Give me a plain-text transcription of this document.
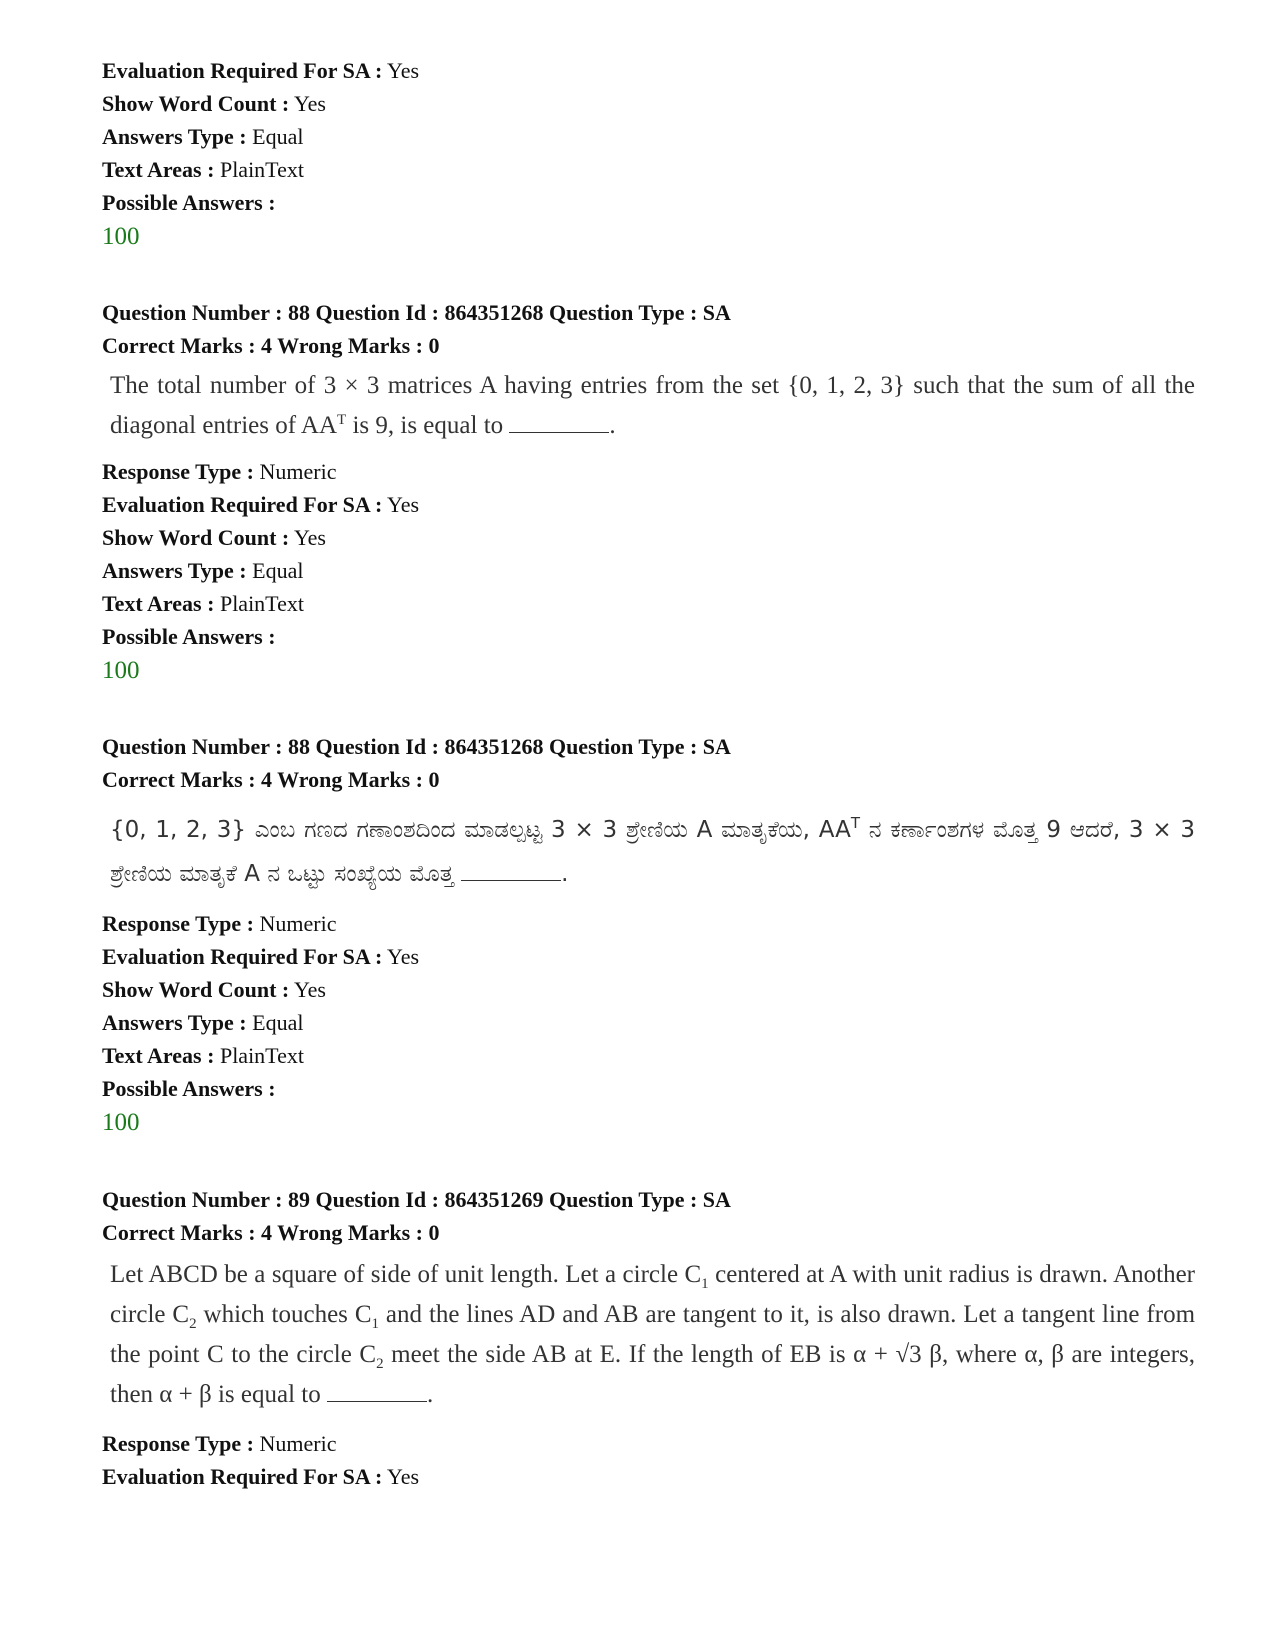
Evaluation Required For SA : Yes
Show Word Count : Yes
Answers Type : Equal
Text Areas : PlainText
Possible Answers :
100
Question Number : 88 Question Id : 864351268 Question Type : SA
Correct Marks : 4 Wrong Marks : 0
The total number of 3 × 3 matrices A having entries from the set {0, 1, 2, 3} such that the sum of all the diagonal entries of $AA^T$ is 9, is equal to	.
Response Type : Numeric
Evaluation Required For SA : Yes
Show Word Count : Yes
Answers Type : Equal
Text Areas : PlainText
Possible Answers :
100
Question Number : 88 Question Id : 864351268 Question Type : SA
Correct Marks : 4 Wrong Marks : 0
{0, 1, 2, 3} ಎಂಬ ಗಣದ ಗಣಾಂಶದಿಂದ ಮಾಡಲ್ಪಟ್ಟ 3 × 3 ಶ್ರೇಣಿಯ A ಮಾತೃಕೆಯ, $AA^T$ ನ ಕರ್ಣಾಂಶಗಳ ಮೊತ್ತ 9 ಆದರೆ, 3 × 3 ಶ್ರೇಣಿಯ ಮಾತೃಕೆ A ನ ಒಟ್ಟು ಸಂಖ್ಯೆಯ ಮೊತ್ತ	.
Response Type : Numeric
Evaluation Required For SA : Yes
Show Word Count : Yes
Answers Type : Equal
Text Areas : PlainText
Possible Answers :
100
Question Number : 89 Question Id : 864351269 Question Type : SA
Correct Marks : 4 Wrong Marks : 0
Let ABCD be a square of side of unit length. Let a circle $C_1$ centered at A with unit radius is drawn. Another circle $C_2$ which touches $C_1$ and the lines AD and AB are tangent to it, is also drawn. Let a tangent line from the point C to the circle $C_2$ meet the side AB at E. If the length of EB is α + √3 β, where α, β are integers, then α + β is equal to	.
Response Type : Numeric
Evaluation Required For SA : Yes
